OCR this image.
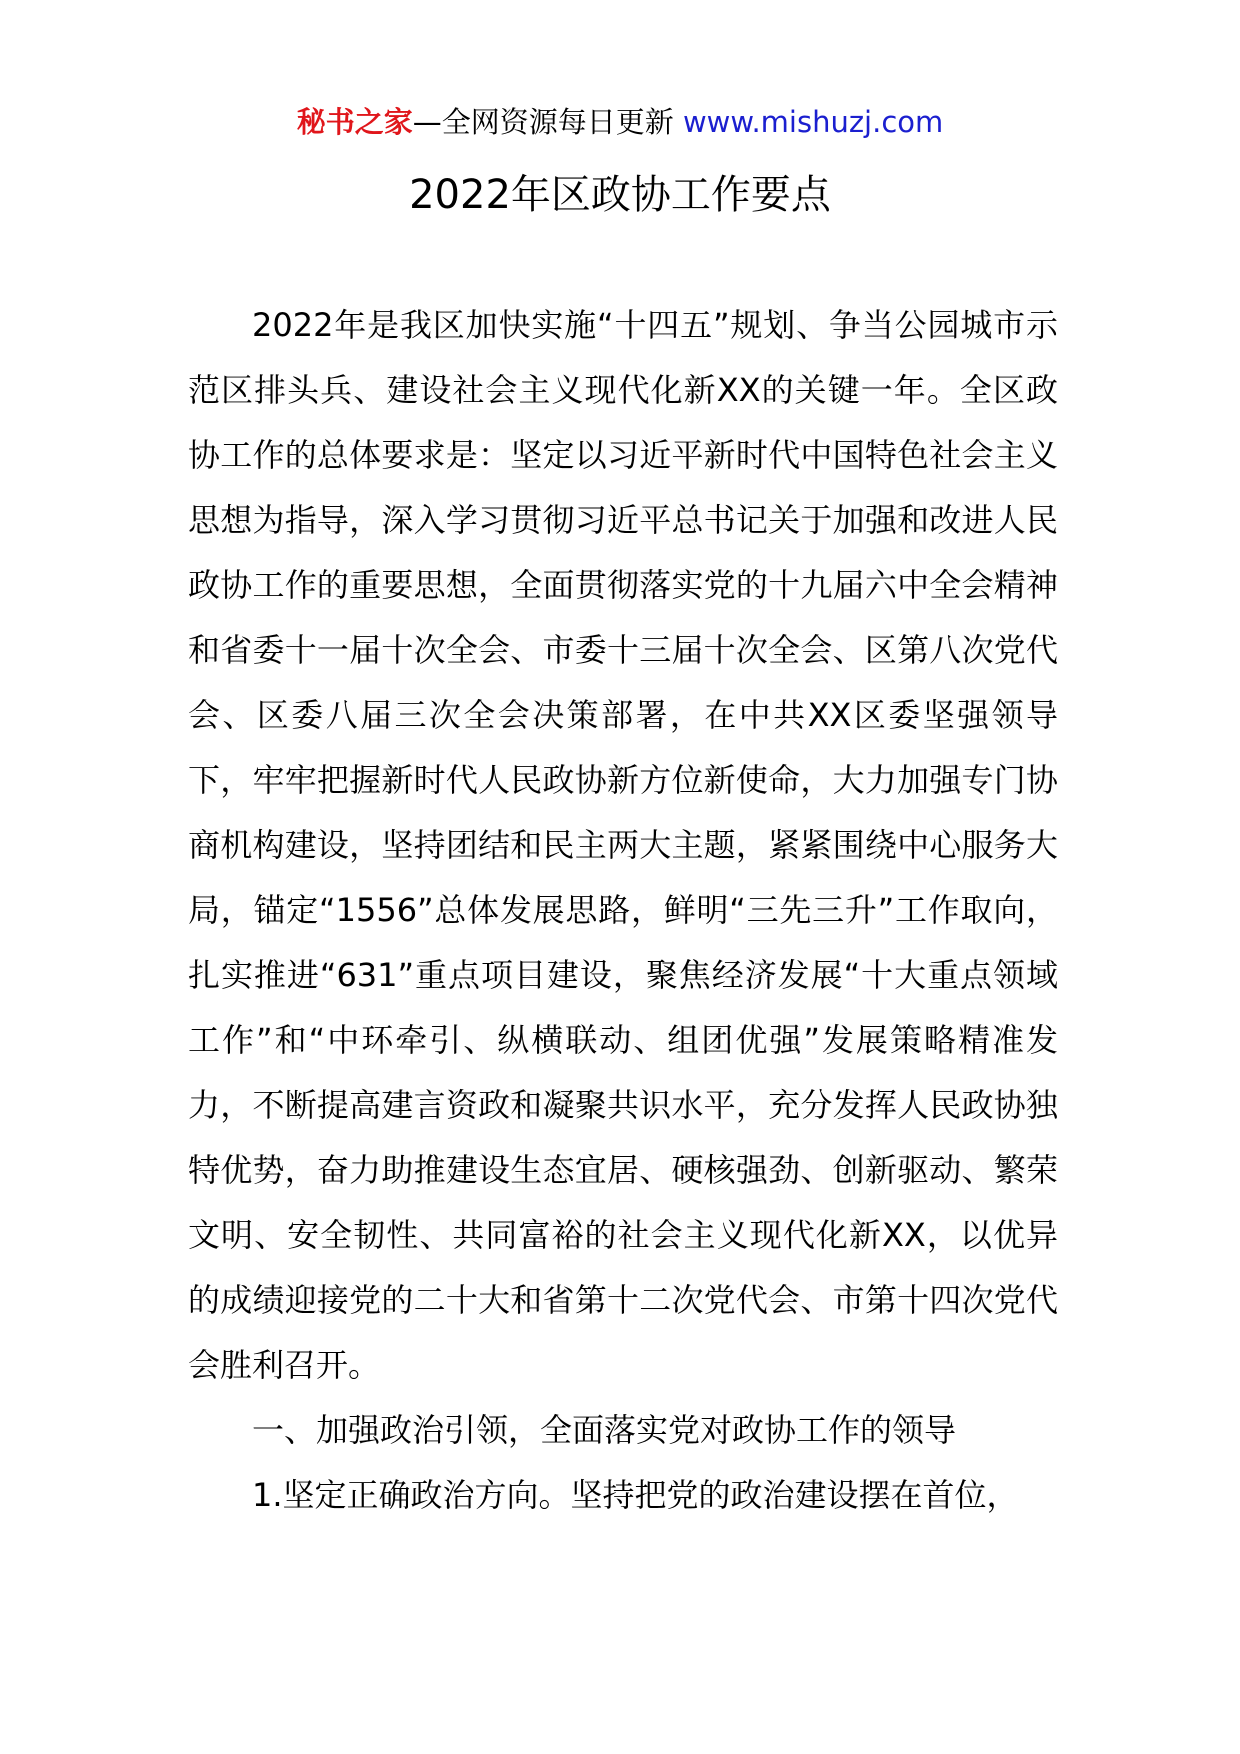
秘书之家—全网资源每日更新 www.mishuzj.com
2022年区政协工作要点

2022年是我区加快实施“十四五”规划、争当公园城市示范区排头兵、建设社会主义现代化新XX的关键一年。全区政协工作的总体要求是：坚定以习近平新时代中国特色社会主义思想为指导，深入学习贯彻习近平总书记关于加强和改进人民政协工作的重要思想，全面贯彻落实党的十九届六中全会精神和省委十一届十次全会、市委十三届十次全会、区第八次党代会、区委八届三次全会决策部署，在中共XX区委坚强领导下，牢牢把握新时代人民政协新方位新使命，大力加强专门协商机构建设，坚持团结和民主两大主题，紧紧围绕中心服务大局，锚定“1556”总体发展思路，鲜明“三先三升”工作取向，扎实推进“631”重点项目建设，聚焦经济发展“十大重点领域工作”和“中环牵引、纵横联动、组团优强”发展策略精准发力，不断提高建言资政和凝聚共识水平，充分发挥人民政协独特优势，奋力助推建设生态宜居、硬核强劲、创新驱动、繁荣文明、安全韧性、共同富裕的社会主义现代化新XX，以优异的成绩迎接党的二十大和省第十二次党代会、市第十四次党代会胜利召开。

一、加强政治引领，全面落实党对政协工作的领导

1.坚定正确政治方向。坚持把党的政治建设摆在首位，
